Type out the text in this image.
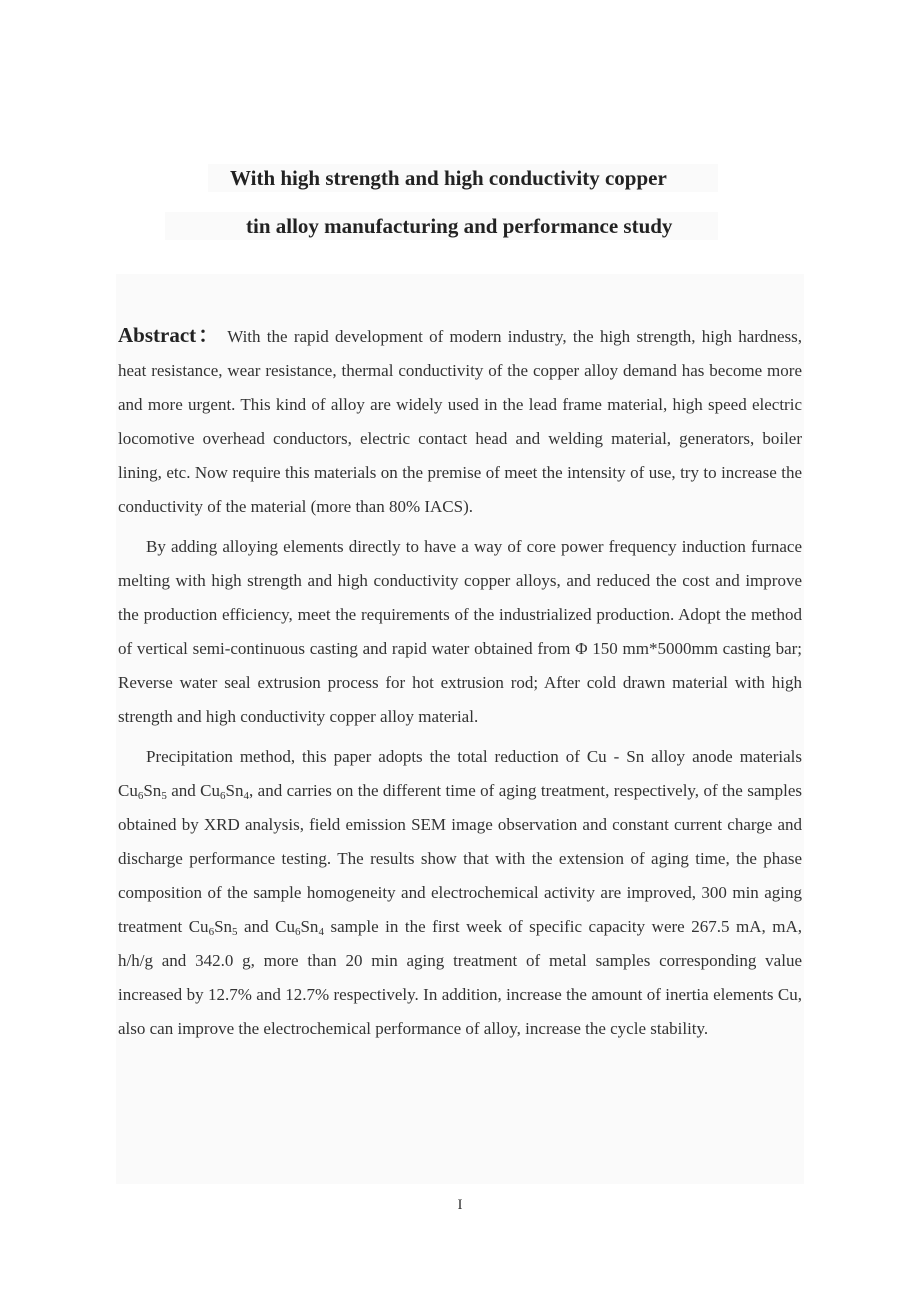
With high strength and high conductivity copper
tin alloy manufacturing and performance study

Abstract： With the rapid development of modern industry, the high strength, high hardness, heat resistance, wear resistance, thermal conductivity of the copper alloy demand has become more and more urgent. This kind of alloy are widely used in the lead frame material, high speed electric locomotive overhead conductors, electric contact head and welding material, generators, boiler lining, etc. Now require this materials on the premise of meet the intensity of use, try to increase the conductivity of the material (more than 80% IACS).

By adding alloying elements directly to have a way of core power frequency induction furnace melting with high strength and high conductivity copper alloys, and reduced the cost and improve the production efficiency, meet the requirements of the industrialized production. Adopt the method of vertical semi-continuous casting and rapid water obtained from Φ 150 mm*5000mm casting bar; Reverse water seal extrusion process for hot extrusion rod; After cold drawn material with high strength and high conductivity copper alloy material.

Precipitation method, this paper adopts the total reduction of Cu - Sn alloy anode materials $Cu_6Sn_5$ and $Cu_6Sn_4$, and carries on the different time of aging treatment, respectively, of the samples obtained by XRD analysis, field emission SEM image observation and constant current charge and discharge performance testing. The results show that with the extension of aging time, the phase composition of the sample homogeneity and electrochemical activity are improved, 300 min aging treatment $Cu_6Sn_5$ and $Cu_6Sn_4$ sample in the first week of specific capacity were 267.5 mA, mA, h/h/g and 342.0 g, more than 20 min aging treatment of metal samples corresponding value increased by 12.7% and 12.7% respectively. In addition, increase the amount of inertia elements Cu, also can improve the electrochemical performance of alloy, increase the cycle stability.

I
